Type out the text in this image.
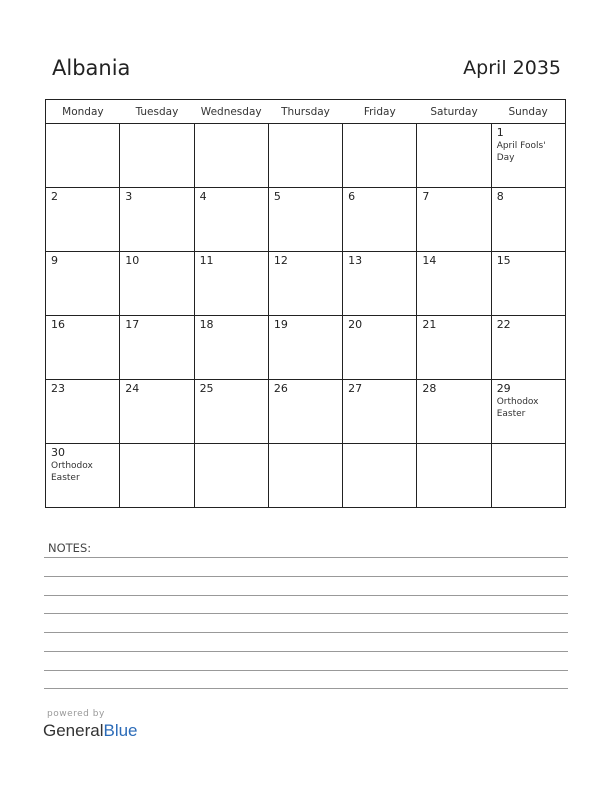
Albania	April 2035
Monday	Tuesday	Wednesday	Thursday	Friday	Saturday	Sunday

						1
April Fools' Day

2	3	4	5	6	7	8

9	10	11	12	13	14	15

16	17	18	19	20	21	22

23	24	25	26	27	28	29
Orthodox Easter

30
Orthodox Easter						

NOTES:
powered by
GeneralBlue
